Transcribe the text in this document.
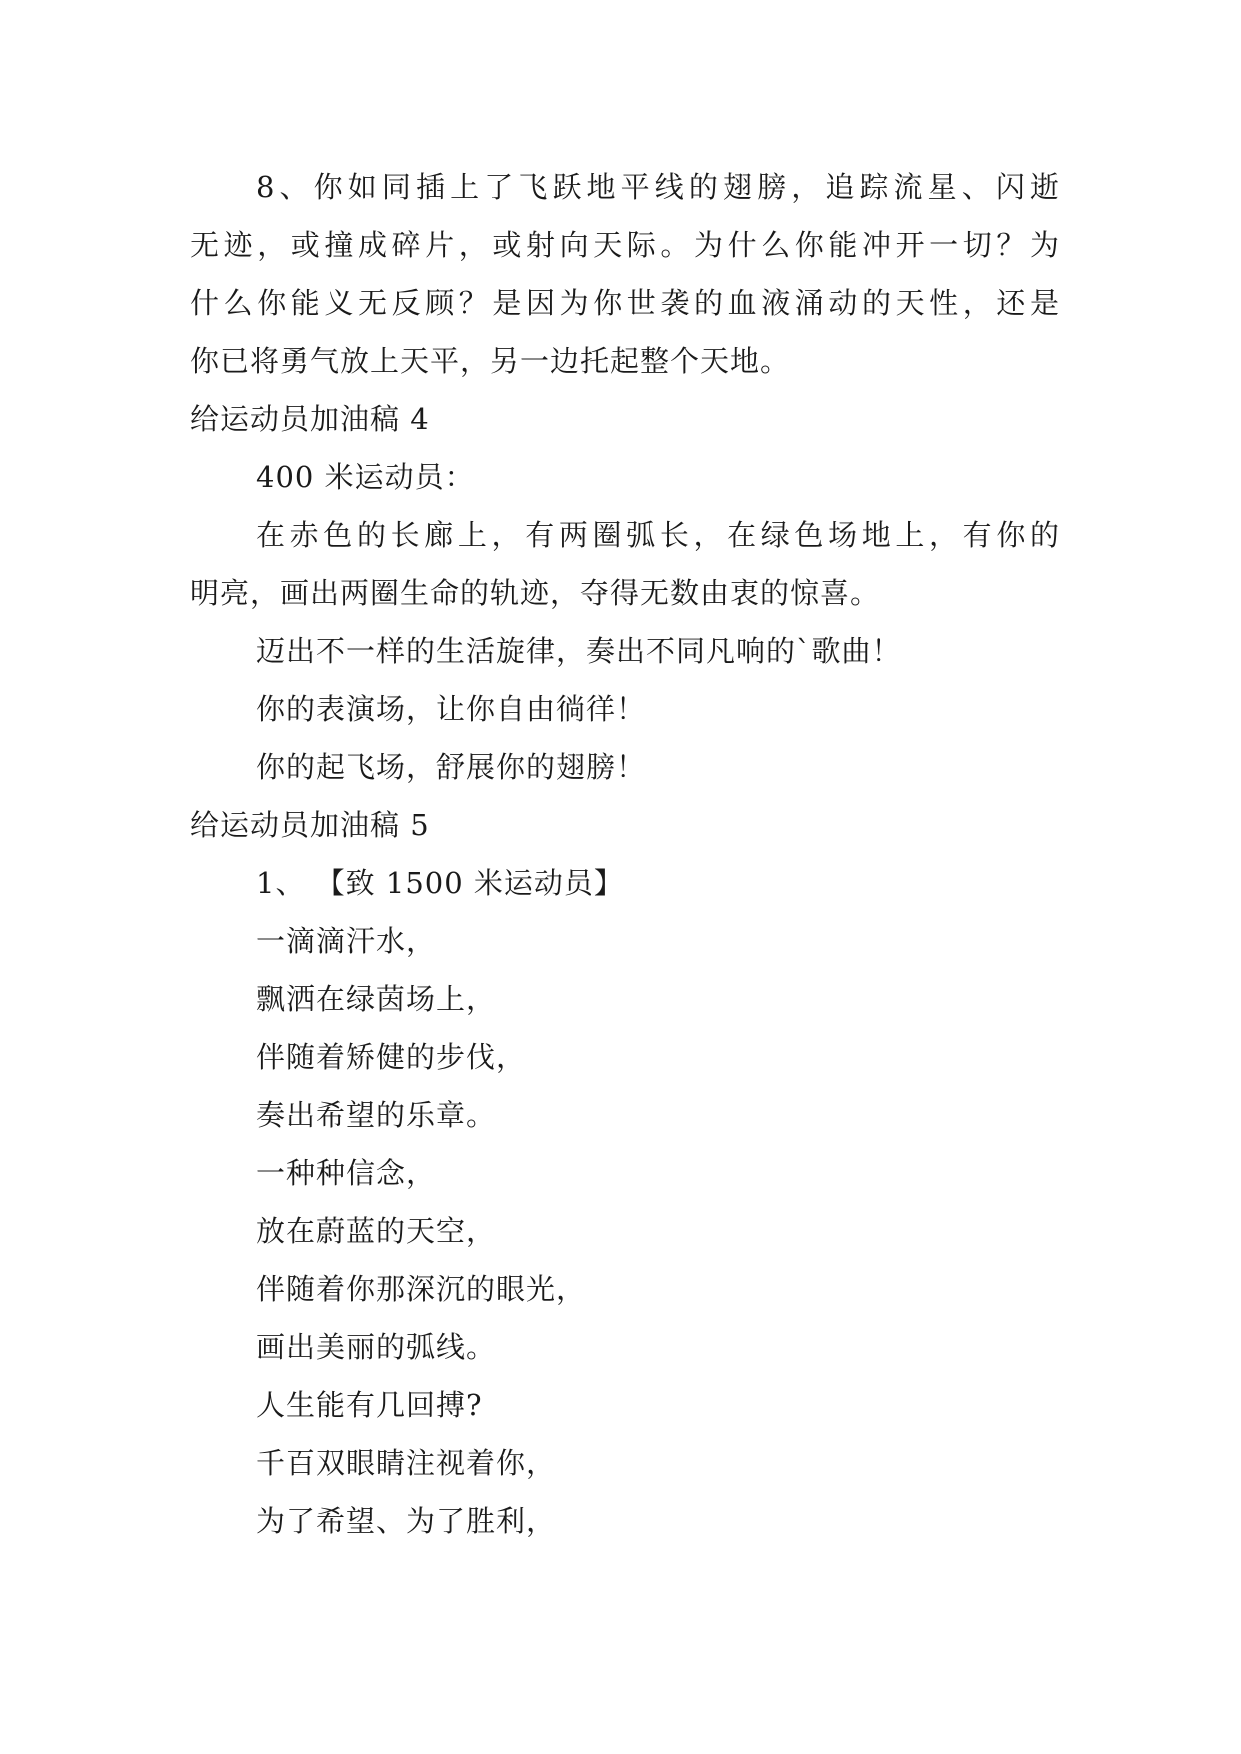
8、你如同插上了飞跃地平线的翅膀，追踪流星、闪逝
无迹，或撞成碎片，或射向天际。为什么你能冲开一切？为
什么你能义无反顾？是因为你世袭的血液涌动的天性，还是
你已将勇气放上天平，另一边托起整个天地。
给运动员加油稿 4
400 米运动员：
在赤色的长廊上，有两圈弧长，在绿色场地上，有你的
明亮，画出两圈生命的轨迹，夺得无数由衷的惊喜。
迈出不一样的生活旋律，奏出不同凡响的`歌曲！
你的表演场，让你自由徜徉！
你的起飞场，舒展你的翅膀！
给运动员加油稿 5
1、 【致 1500 米运动员】
一滴滴汗水，
飘洒在绿茵场上，
伴随着矫健的步伐，
奏出希望的乐章。
一种种信念，
放在蔚蓝的天空，
伴随着你那深沉的眼光，
画出美丽的弧线。
人生能有几回搏?
千百双眼睛注视着你，
为了希望、为了胜利，
